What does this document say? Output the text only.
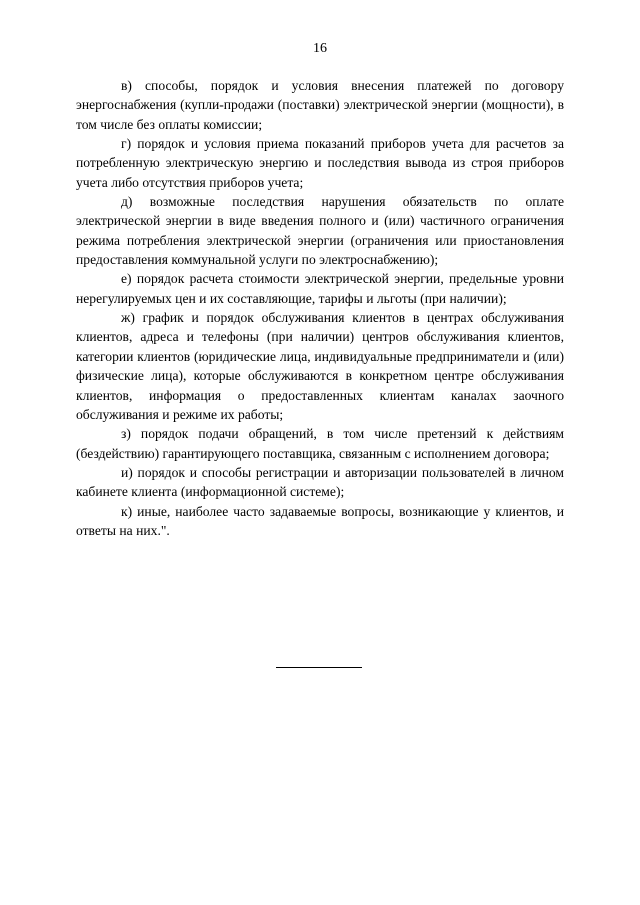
16

в) способы, порядок и условия внесения платежей по договору энергоснабжения (купли-продажи (поставки) электрической энергии (мощности), в том числе без оплаты комиссии;

г) порядок и условия приема показаний приборов учета для расчетов за потребленную электрическую энергию и последствия вывода из строя приборов учета либо отсутствия приборов учета;

д) возможные последствия нарушения обязательств по оплате электрической энергии в виде введения полного и (или) частичного ограничения режима потребления электрической энергии (ограничения или приостановления предоставления коммунальной услуги по электроснабжению);

е) порядок расчета стоимости электрической энергии, предельные уровни нерегулируемых цен и их составляющие, тарифы и льготы (при наличии);

ж) график и порядок обслуживания клиентов в центрах обслуживания клиентов, адреса и телефоны (при наличии) центров обслуживания клиентов, категории клиентов (юридические лица, индивидуальные предприниматели и (или) физические лица), которые обслуживаются в конкретном центре обслуживания клиентов, информация о предоставленных клиентам каналах заочного обслуживания и режиме их работы;

з) порядок подачи обращений, в том числе претензий к действиям (бездействию) гарантирующего поставщика, связанным с исполнением договора;

и) порядок и способы регистрации и авторизации пользователей в личном кабинете клиента (информационной системе);

к) иные, наиболее часто задаваемые вопросы, возникающие у клиентов, и ответы на них.".
